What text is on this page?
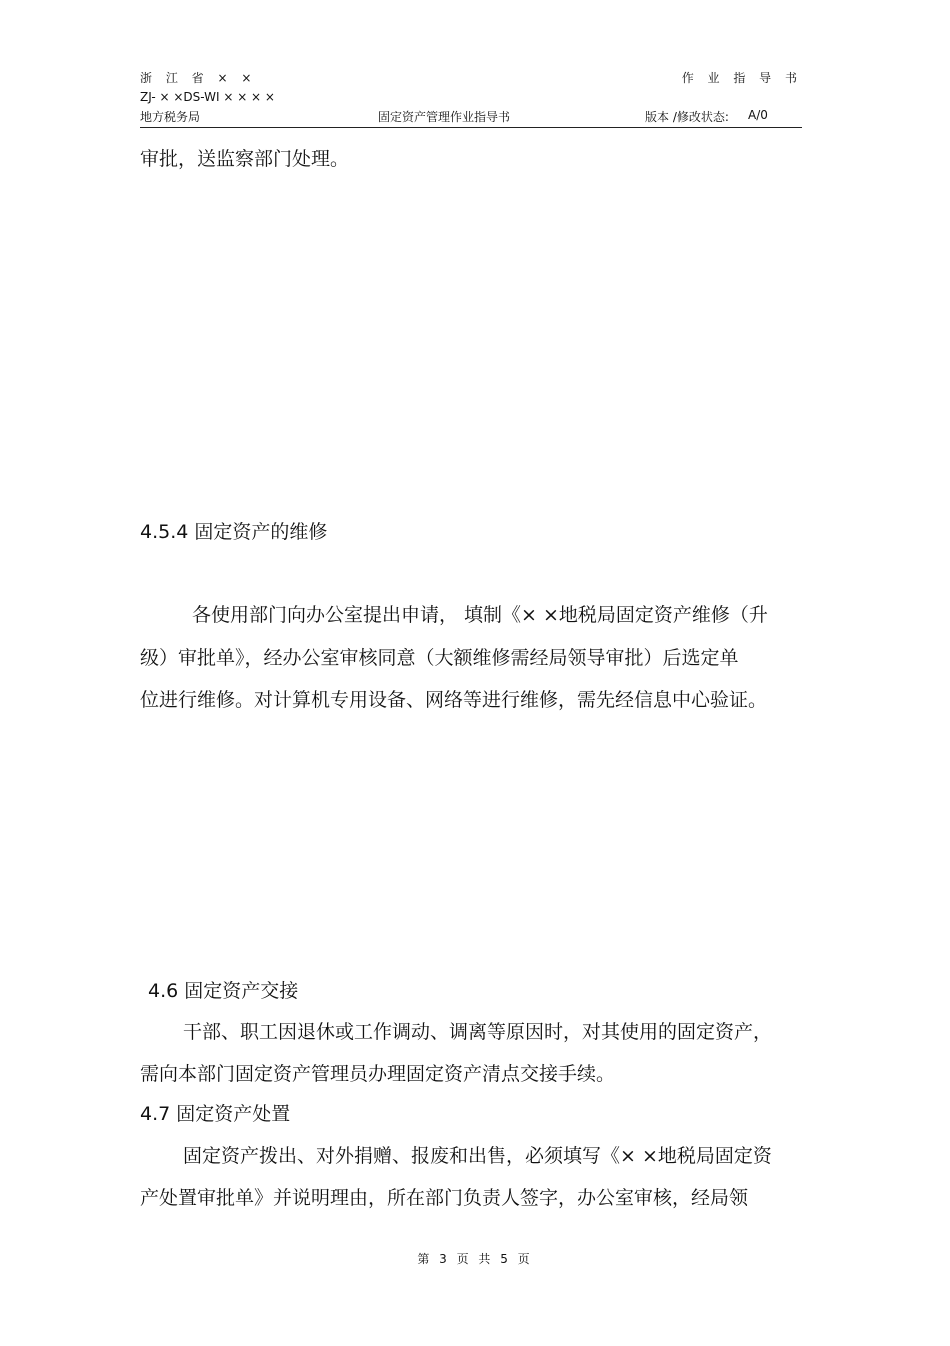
浙 江 省 × ×	作 业 指 导 书
ZJ- × ×DS-WI × × × ×
地方税务局	固定资产管理作业指导书	版本 /修改状态: A/0
审批，送监察部门处理。
4.5.4 固定资产的维修
各使用部门向办公室提出申请， 填制《× ×地税局固定资产维修（升
级）审批单》，经办公室审核同意（大额维修需经局领导审批）后选定单
位进行维修。对计算机专用设备、网络等进行维修，需先经信息中心验证。
4.6 固定资产交接
干部、职工因退休或工作调动、调离等原因时，对其使用的固定资产，
需向本部门固定资产管理员办理固定资产清点交接手续。
4.7 固定资产处置
固定资产拨出、对外捐赠、报废和出售，必须填写《× ×地税局固定资
产处置审批单》并说明理由，所在部门负责人签字，办公室审核，经局领
第 3 页 共 5 页
